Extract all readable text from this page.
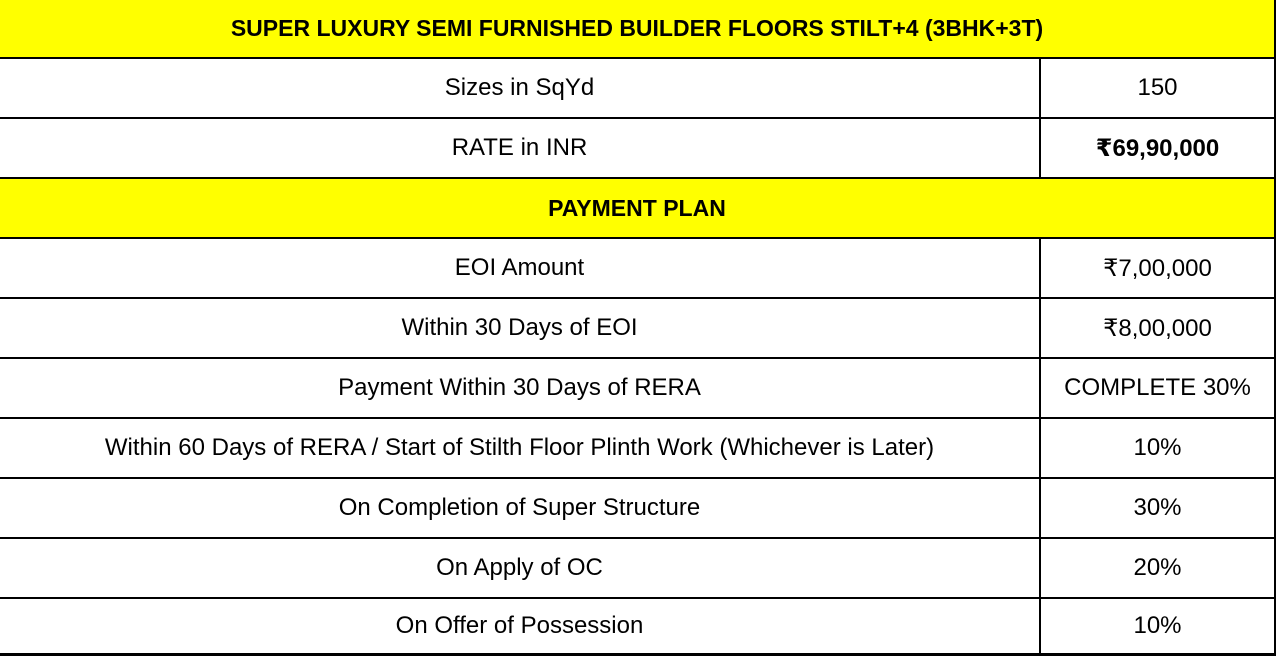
SUPER LUXURY SEMI FURNISHED BUILDER FLOORS STILT+4 (3BHK+3T)
Sizes in SqYd	150
RATE in INR	₹69,90,000
PAYMENT PLAN
EOI Amount	₹7,00,000
Within 30 Days of EOI	₹8,00,000
Payment Within 30 Days of RERA	COMPLETE 30%
Within 60 Days of RERA / Start of Stilth Floor Plinth Work (Whichever is Later)	10%
On Completion of Super Structure	30%
On Apply of OC	20%
On Offer of Possession	10%
